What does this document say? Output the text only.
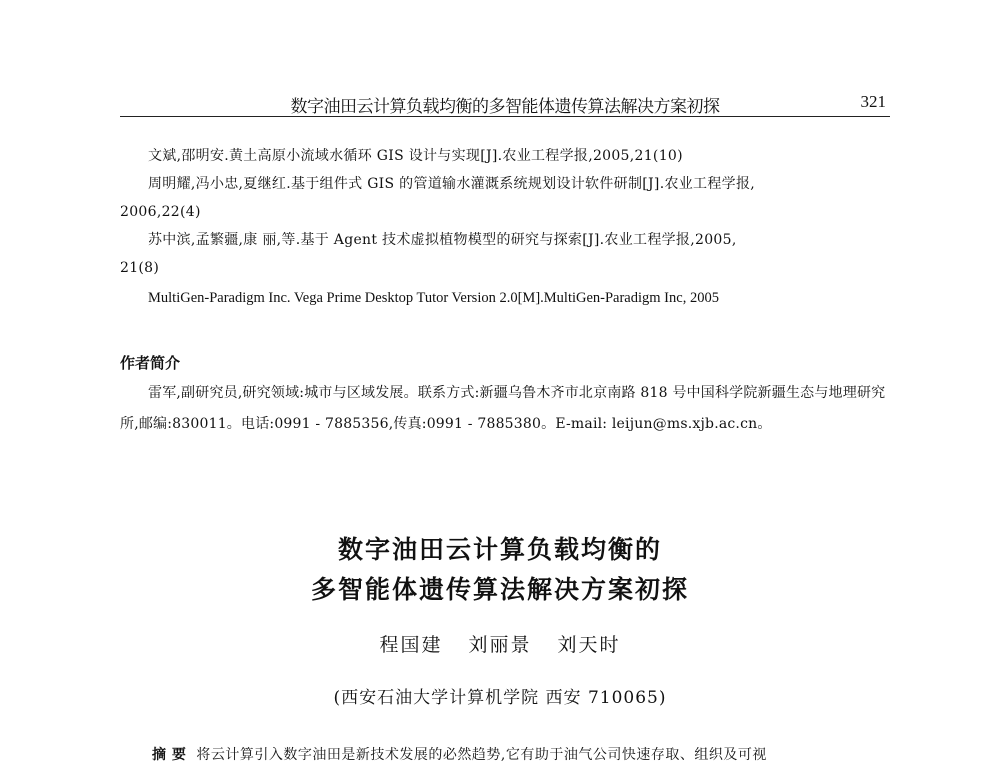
数字油田云计算负载均衡的多智能体遗传算法解决方案初探	321

文斌,邵明安.黄土高原小流域水循环 GIS 设计与实现[J].农业工程学报,2005,21(10)

周明耀,冯小忠,夏继红.基于组件式 GIS 的管道输水灌溉系统规划设计软件研制[J].农业工程学报,

2006,22(4)

苏中滨,孟繁疆,康 丽,等.基于 Agent 技术虚拟植物模型的研究与探索[J].农业工程学报,2005,

21(8)

MultiGen-Paradigm Inc. Vega Prime Desktop Tutor Version 2.0[M].MultiGen-Paradigm Inc, 2005

作者简介

雷军,副研究员,研究领域:城市与区域发展。联系方式:新疆乌鲁木齐市北京南路 818 号中国科学院新疆生态与地理研究所,邮编:830011。电话:0991 - 7885356,传真:0991 - 7885380。E-mail: leijun@ms.xjb.ac.cn。

数字油田云计算负载均衡的

多智能体遗传算法解决方案初探

程国建 刘丽景 刘天时
(西安石油大学计算机学院 西安 710065)
摘 要 将云计算引入数字油田是新技术发展的必然趋势,它有助于油气公司快速存取、组织及可视
